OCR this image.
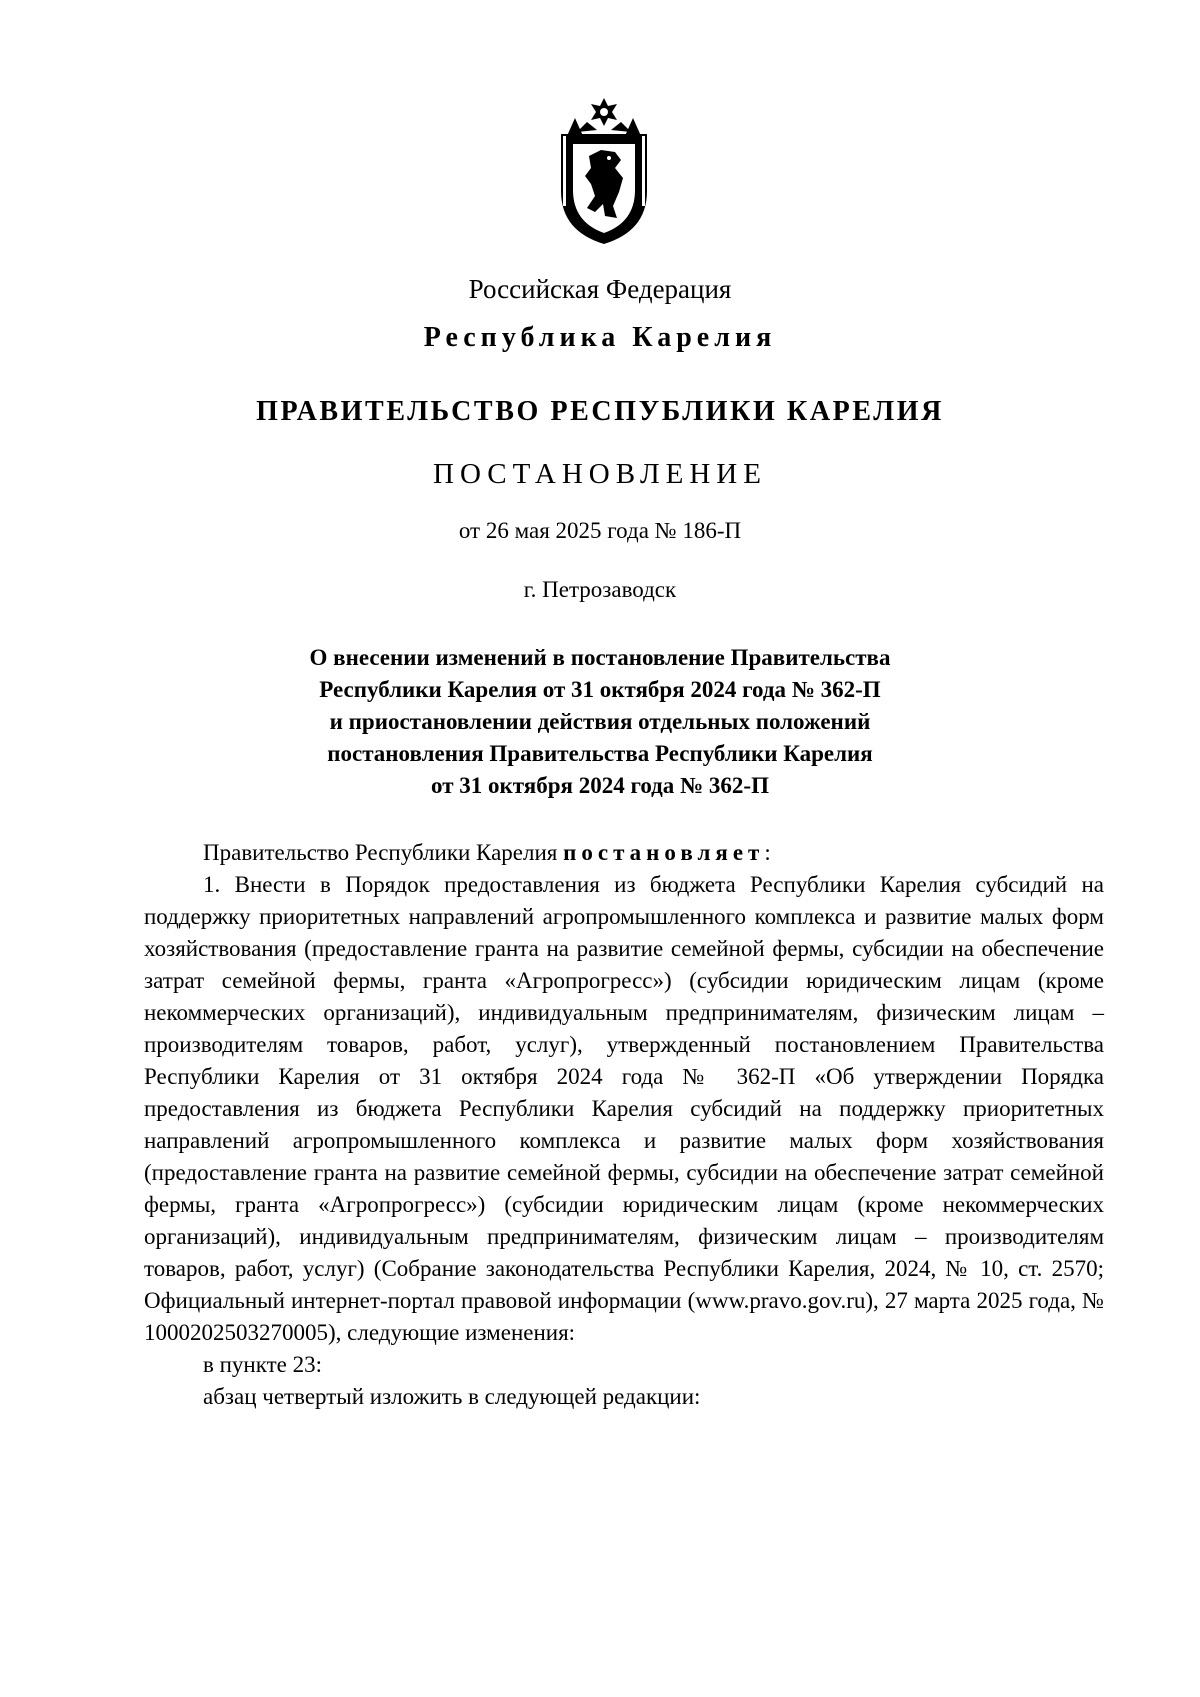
Российская Федерация
Республика Карелия
ПРАВИТЕЛЬСТВО РЕСПУБЛИКИ КАРЕЛИЯ
ПОСТАНОВЛЕНИЕ
от 26 мая 2025 года № 186-П
г. Петрозаводск
О внесении изменений в постановление Правительства
Республики Карелия от 31 октября 2024 года № 362-П
и приостановлении действия отдельных положений
постановления Правительства Республики Карелия
от 31 октября 2024 года № 362-П

Правительство Республики Карелия постановляет:

1. Внести в Порядок предоставления из бюджета Республики Карелия субсидий на поддержку приоритетных направлений агропромышленного комплекса и развитие малых форм хозяйствования (предоставление гранта на развитие семейной фермы, субсидии на обеспечение затрат семейной фермы, гранта «Агропрогресс») (субсидии юридическим лицам (кроме некоммерческих организаций), индивидуальным предпринимателям, физическим лицам – производителям товаров, работ, услуг), утвержденный постановлением Правительства Республики Карелия от 31 октября 2024 года № 362-П «Об утверждении Порядка предоставления из бюджета Республики Карелия субсидий на поддержку приоритетных направлений агропромышленного комплекса и развитие малых форм хозяйствования (предоставление гранта на развитие семейной фермы, субсидии на обеспечение затрат семейной фермы, гранта «Агропрогресс») (субсидии юридическим лицам (кроме некоммерческих организаций), индивидуальным предпринимателям, физическим лицам – производителям товаров, работ, услуг) (Собрание законодательства Республики Карелия, 2024, № 10, ст. 2570; Официальный интернет-портал правовой информации (www.pravo.gov.ru), 27 марта 2025 года, № 1000202503270005), следующие изменения:

в пункте 23:

абзац четвертый изложить в следующей редакции:
